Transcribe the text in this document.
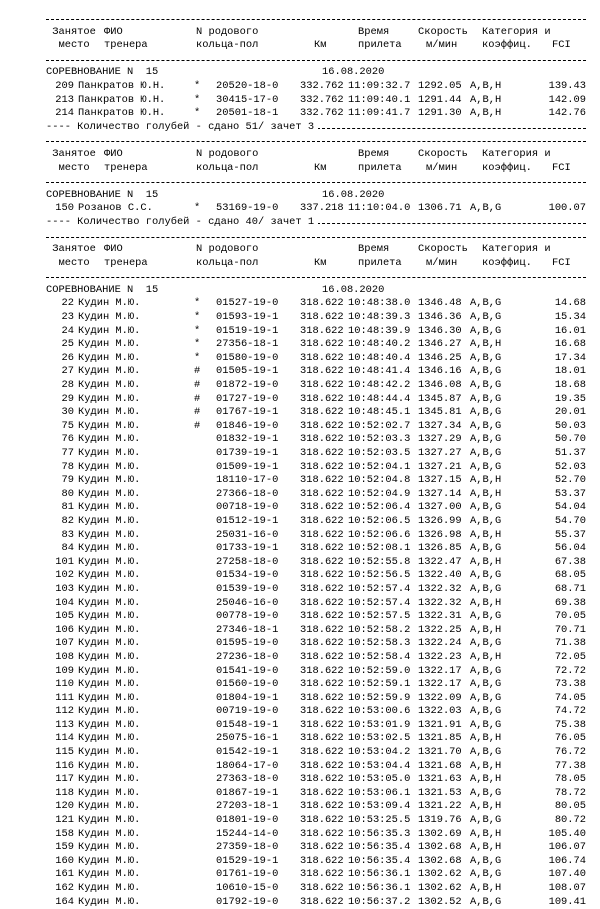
Занятое ФИО	N родового	Время	Скорость Категория и
место тренера	кольца-пол	Км	прилета м/мин коэффиц. FCI
СОРЕВНОВАНИЕ N  15	16.08.2020
209 Панкратов Ю.Н.	* 20520-18-0 332.762 11:09:32.7 1292.05 A,B,H	139.43
213 Панкратов Ю.Н.	* 30415-17-0 332.762 11:09:40.1 1291.44 A,B,H	142.09
214 Панкратов Ю.Н.	* 20501-18-1 332.762 11:09:41.7 1291.30 A,B,H	142.76
---- Количество голубей - сдано 51/ зачет 3
Занятое ФИО	N родового	Время	Скорость Категория и
место тренера	кольца-пол	Км	прилета м/мин коэффиц. FCI
СОРЕВНОВАНИЕ N  15	16.08.2020
150 Розанов С.С.	* 53169-19-0 337.218 11:10:04.0 1306.71 A,B,G	100.07
---- Количество голубей - сдано 40/ зачет 1
Занятое ФИО	N родового	Время	Скорость Категория и
место тренера	кольца-пол	Км	прилета м/мин коэффиц. FCI
СОРЕВНОВАНИЕ N  15	16.08.2020
22 Кудин М.Ю.	* 01527-19-0 318.622 10:48:38.0 1346.48 A,B,G	14.68
23 Кудин М.Ю.	* 01593-19-1 318.622 10:48:39.3 1346.36 A,B,G	15.34
24 Кудин М.Ю.	* 01519-19-1 318.622 10:48:39.9 1346.30 A,B,G	16.01
25 Кудин М.Ю.	* 27356-18-1 318.622 10:48:40.2 1346.27 A,B,H	16.68
26 Кудин М.Ю.	* 01580-19-0 318.622 10:48:40.4 1346.25 A,B,G	17.34
27 Кудин М.Ю.	# 01505-19-1 318.622 10:48:41.4 1346.16 A,B,G	18.01
28 Кудин М.Ю.	# 01872-19-0 318.622 10:48:42.2 1346.08 A,B,G	18.68
29 Кудин М.Ю.	# 01727-19-0 318.622 10:48:44.4 1345.87 A,B,G	19.35
30 Кудин М.Ю.	# 01767-19-1 318.622 10:48:45.1 1345.81 A,B,G	20.01
75 Кудин М.Ю.	# 01846-19-0 318.622 10:52:02.7 1327.34 A,B,G	50.03
76 Кудин М.Ю.	01832-19-1 318.622 10:52:03.3 1327.29 A,B,G	50.70
77 Кудин М.Ю.	01739-19-1 318.622 10:52:03.5 1327.27 A,B,G	51.37
78 Кудин М.Ю.	01509-19-1 318.622 10:52:04.1 1327.21 A,B,G	52.03
79 Кудин М.Ю.	18110-17-0 318.622 10:52:04.8 1327.15 A,B,H	52.70
80 Кудин М.Ю.	27366-18-0 318.622 10:52:04.9 1327.14 A,B,H	53.37
81 Кудин М.Ю.	00718-19-0 318.622 10:52:06.4 1327.00 A,B,G	54.04
82 Кудин М.Ю.	01512-19-1 318.622 10:52:06.5 1326.99 A,B,G	54.70
83 Кудин М.Ю.	25031-16-0 318.622 10:52:06.6 1326.98 A,B,H	55.37
84 Кудин М.Ю.	01733-19-1 318.622 10:52:08.1 1326.85 A,B,G	56.04
101 Кудин М.Ю.	27258-18-0 318.622 10:52:55.8 1322.47 A,B,H	67.38
102 Кудин М.Ю.	01534-19-0 318.622 10:52:56.5 1322.40 A,B,G	68.05
103 Кудин М.Ю.	01539-19-0 318.622 10:52:57.4 1322.32 A,B,G	68.71
104 Кудин М.Ю.	25046-16-0 318.622 10:52:57.4 1322.32 A,B,H	69.38
105 Кудин М.Ю.	00778-19-0 318.622 10:52:57.5 1322.31 A,B,G	70.05
106 Кудин М.Ю.	27346-18-1 318.622 10:52:58.2 1322.25 A,B,H	70.71
107 Кудин М.Ю.	01595-19-0 318.622 10:52:58.3 1322.24 A,B,G	71.38
108 Кудин М.Ю.	27236-18-0 318.622 10:52:58.4 1322.23 A,B,H	72.05
109 Кудин М.Ю.	01541-19-0 318.622 10:52:59.0 1322.17 A,B,G	72.72
110 Кудин М.Ю.	01560-19-0 318.622 10:52:59.1 1322.17 A,B,G	73.38
111 Кудин М.Ю.	01804-19-1 318.622 10:52:59.9 1322.09 A,B,G	74.05
112 Кудин М.Ю.	00719-19-0 318.622 10:53:00.6 1322.03 A,B,G	74.72
113 Кудин М.Ю.	01548-19-1 318.622 10:53:01.9 1321.91 A,B,G	75.38
114 Кудин М.Ю.	25075-16-1 318.622 10:53:02.5 1321.85 A,B,H	76.05
115 Кудин М.Ю.	01542-19-1 318.622 10:53:04.2 1321.70 A,B,G	76.72
116 Кудин М.Ю.	18064-17-0 318.622 10:53:04.4 1321.68 A,B,H	77.38
117 Кудин М.Ю.	27363-18-0 318.622 10:53:05.0 1321.63 A,B,H	78.05
118 Кудин М.Ю.	01867-19-1 318.622 10:53:06.1 1321.53 A,B,G	78.72
120 Кудин М.Ю.	27203-18-1 318.622 10:53:09.4 1321.22 A,B,H	80.05
121 Кудин М.Ю.	01801-19-0 318.622 10:53:25.5 1319.76 A,B,G	80.72
158 Кудин М.Ю.	15244-14-0 318.622 10:56:35.3 1302.69 A,B,H	105.40
159 Кудин М.Ю.	27359-18-0 318.622 10:56:35.4 1302.68 A,B,H	106.07
160 Кудин М.Ю.	01529-19-1 318.622 10:56:35.4 1302.68 A,B,G	106.74
161 Кудин М.Ю.	01761-19-0 318.622 10:56:36.1 1302.62 A,B,G	107.40
162 Кудин М.Ю.	10610-15-0 318.622 10:56:36.1 1302.62 A,B,H	108.07
164 Кудин М.Ю.	01792-19-0 318.622 10:56:37.2 1302.52 A,B,G	109.41
